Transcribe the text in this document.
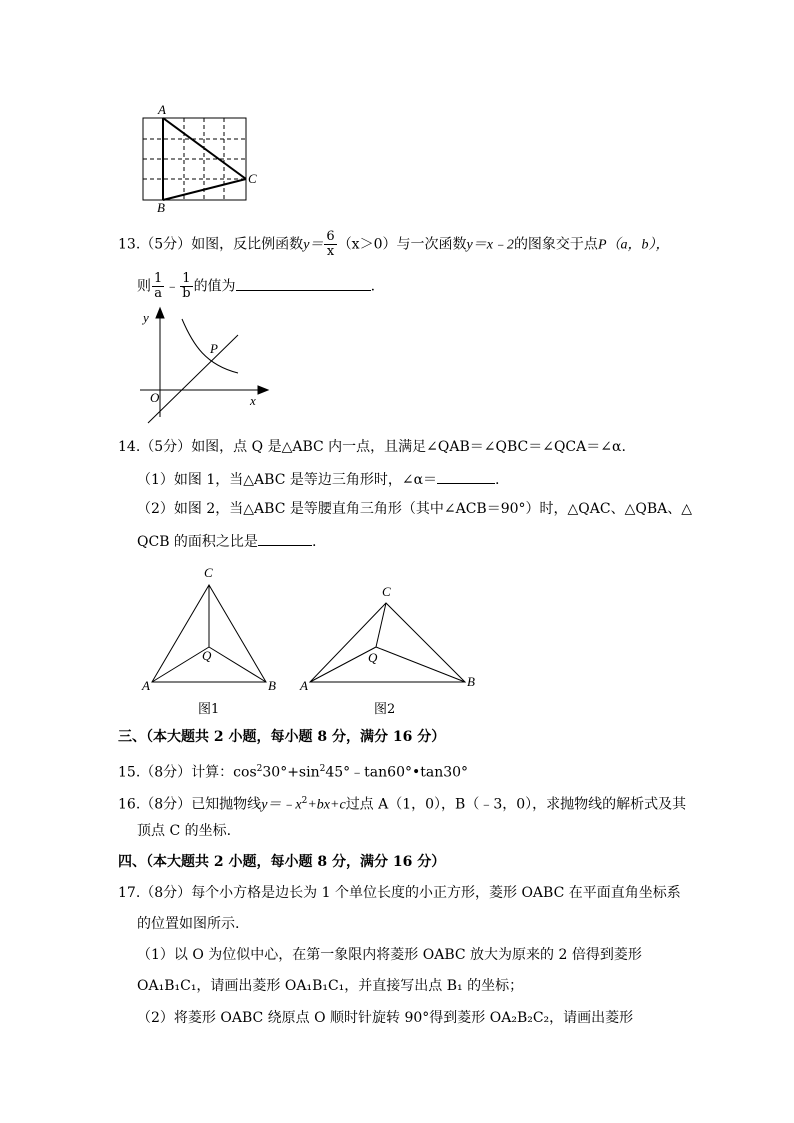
A
B
C
13.（5分）如图，反比例函数$y= \frac{6}{x} (x>0)$与一次函数y＝x﹣2的图象交于点P（a，b），
则 $\frac{1}{a}$ ﹣ $\frac{1}{b}$ 的值为	.
y
x
O
P
14.（5分）如图，点 Q 是△ABC 内一点，且满足∠QAB＝∠QBC＝∠QCA＝∠α.
（1）如图 1，当△ABC 是等边三角形时，∠α＝	.
（2）如图 2，当△ABC 是等腰直角三角形（其中∠ACB＝90°）时，△QAC、△QBA、△
QCB 的面积之比是	.
C
Q
A	B
图1
C
Q
A	B
图2
三、（本大题共 2 小题，每小题 8 分，满分 16 分）
15.（8分）计算：$\cos^230^\circ+\sin^245^\circ﹣\tan 60^\circ•\tan 30^\circ$
16.（8分）已知抛物线$y=﹣x^2+bx+c$过点 A（1，0），B（﹣3，0），求抛物线的解析式及其
顶点 C 的坐标.
四、（本大题共 2 小题，每小题 8 分，满分 16 分）
17.（8分）每个小方格是边长为 1 个单位长度的小正方形，菱形 OABC 在平面直角坐标系
的位置如图所示.
（1）以 O 为位似中心，在第一象限内将菱形 OABC 放大为原来的 2 倍得到菱形
OA₁B₁C₁，请画出菱形 OA₁B₁C₁，并直接写出点 B₁ 的坐标；
（2）将菱形 OABC 绕原点 O 顺时针旋转 90°得到菱形 OA₂B₂C₂，请画出菱形
